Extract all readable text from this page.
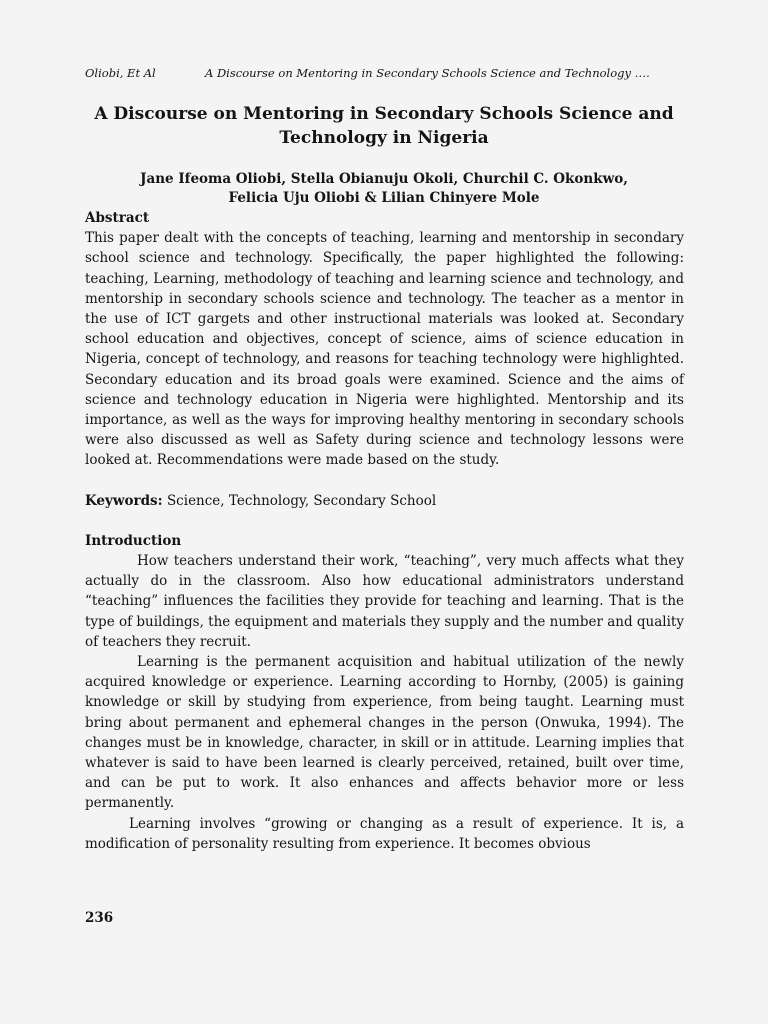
Oliobi, Et Al	A Discourse on Mentoring in Secondary Schools Science and Technology ….
A Discourse on Mentoring in Secondary Schools Science and
Technology in Nigeria
Jane Ifeoma Oliobi, Stella Obianuju Okoli, Churchil C. Okonkwo,
Felicia Uju Oliobi & Lilian Chinyere Mole

Abstract

This paper dealt with the concepts of teaching, learning and mentorship in secondary school science and technology. Specifically, the paper highlighted the following: teaching, Learning, methodology of teaching and learning science and technology, and mentorship in secondary schools science and technology. The teacher as a mentor in the use of ICT gargets and other instructional materials was looked at. Secondary school education and objectives, concept of science, aims of science education in Nigeria, concept of technology, and reasons for teaching technology were highlighted. Secondary education and its broad goals were examined. Science and the aims of science and technology education in Nigeria were highlighted. Mentorship and its importance, as well as the ways for improving healthy mentoring in secondary schools were also discussed as well as Safety during science and technology lessons were looked at. Recommendations were made based on the study.

Keywords: Science, Technology, Secondary School

Introduction

How teachers understand their work, “teaching”, very much affects what they actually do in the classroom. Also how educational administrators understand “teaching” influences the facilities they provide for teaching and learning. That is the type of buildings, the equipment and materials they supply and the number and quality of teachers they recruit.

Learning is the permanent acquisition and habitual utilization of the newly acquired knowledge or experience. Learning according to Hornby, (2005) is gaining knowledge or skill by studying from experience, from being taught. Learning must bring about permanent and ephemeral changes in the person (Onwuka, 1994). The changes must be in knowledge, character, in skill or in attitude. Learning implies that whatever is said to have been learned is clearly perceived, retained, built over time, and can be put to work. It also enhances and affects behavior more or less permanently.

Learning involves “growing or changing as a result of experience. It is, a modification of personality resulting from experience. It becomes obvious

236
